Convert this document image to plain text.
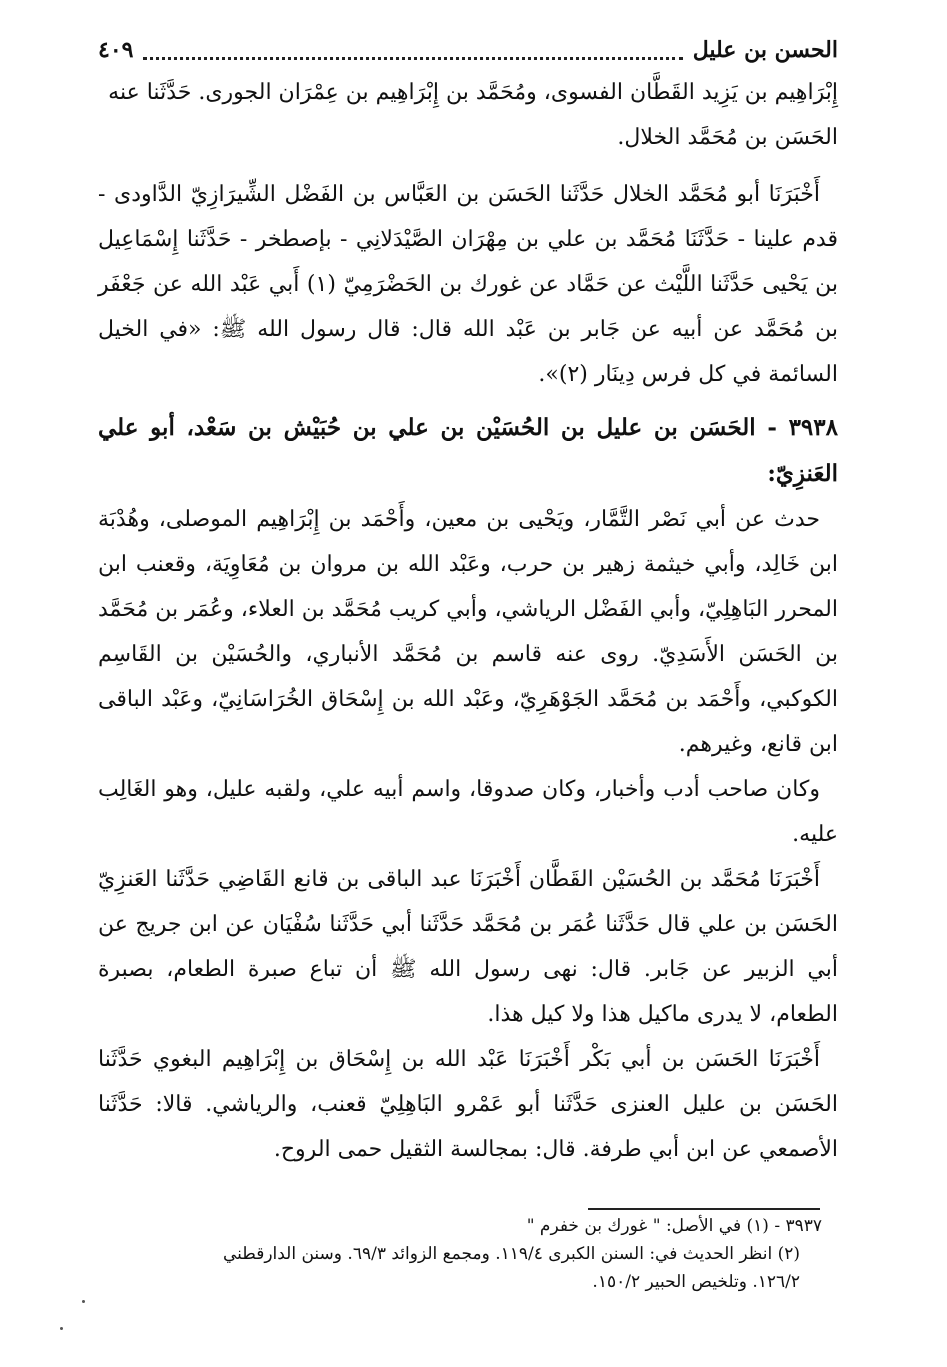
الحسن بن عليل
٤٠٩

إِبْرَاهِيم بن يَزِيد القَطَّان الفسوى، ومُحَمَّد بن إِبْرَاهِيم بن عِمْرَان الجورى. حَدَّثَنا عنه

الحَسَن بن مُحَمَّد الخلال.

أَخْبَرَنَا أبو مُحَمَّد الخلال حَدَّثَنا الحَسَن بن العَبَّاس بن الفَضْل الشِّيرَازِيّ الدَّاودى - قدم علينا - حَدَّثَنَا مُحَمَّد بن علي بن مِهْرَان الصَّيْدَلانِي - بإصطخر - حَدَّثَنا إِسْمَاعِيل بن يَحْيى حَدَّثَنا اللَّيْث عن حَمَّاد عن غورك بن الحَضْرَمِيّ (١) أَبي عَبْد الله عن جَعْفَر بن مُحَمَّد عن أبيه عن جَابر بن عَبْد الله قال: قال رسول الله ﷺ: «في الخيل السائمة في كل فرس دِينَار (٢)».

٣٩٣٨ - الحَسَن بن عليل بن الحُسَيْن بن علي بن حُبَيْش بن سَعْد، أبو علي العَنزِيّ:

حدث عن أبي نَصْر التَّمَّار، ويَحْيى بن معين، وأَحْمَد بن إِبْرَاهِيم الموصلى، وهُدْبَة ابن خَالِد، وأبي خيثمة زهير بن حرب، وعَبْد الله بن مروان بن مُعَاوِيَة، وقعنب ابن المحرر البَاهِلِيّ، وأبي الفَضْل الرياشي، وأبي كريب مُحَمَّد بن العلاء، وعُمَر بن مُحَمَّد بن الحَسَن الأَسَدِيّ. روى عنه قاسم بن مُحَمَّد الأنباري، والحُسَيْن بن القَاسِم الكوكبي، وأَحْمَد بن مُحَمَّد الجَوْهَرِيّ، وعَبْد الله بن إِسْحَاق الخُرَاسَانِيّ، وعَبْد الباقى ابن قانع، وغيرهم.

وكان صاحب أدب وأخبار، وكان صدوقا، واسم أبيه علي، ولقبه عليل، وهو الغَالِب عليه.

أَخْبَرَنَا مُحَمَّد بن الحُسَيْن القَطَّان أَخْبَرَنَا عبد الباقى بن قانع القَاضِي حَدَّثَنا العَنزِيّ الحَسَن بن علي قال حَدَّثَنا عُمَر بن مُحَمَّد حَدَّثَنا أبي حَدَّثَنا سُفْيَان عن ابن جريج عن أبي الزبير عن جَابر. قال: نهى رسول الله ﷺ أن تباع صبرة الطعام، بصبرة الطعام، لا يدرى ماكيل هذا ولا كيل هذا.

أَخْبَرَنَا الحَسَن بن أبي بَكْر أَخْبَرَنَا عَبْد الله بن إِسْحَاق بن إِبْرَاهِيم البغوي حَدَّثَنا الحَسَن بن عليل العنزى حَدَّثَنا أبو عَمْرو البَاهِلِيّ قعنب، والرياشي. قالا: حَدَّثَنا الأصمعي عن ابن أبي طرفة. قال: بمجالسة الثقيل حمى الروح.

٣٩٣٧ - (١) في الأصل: " غورك بن خفرم "

(٢) انظر الحديث في: السنن الكبرى ١١٩/٤. ومجمع الزوائد ٦٩/٣. وسنن الدارقطني

١٢٦/٢. وتلخيص الحبير ١٥٠/٢.
